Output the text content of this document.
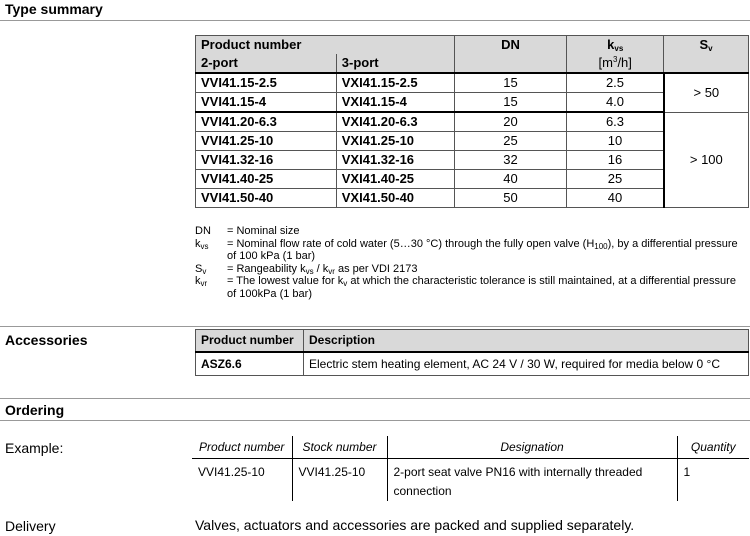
Type summary
Product number		DN	$k_{vs}$	$S_v$
2-port	3-port		$[m^3/h]$	
VVI41.15-2.5	VXI41.15-2.5	15	2.5	> 50
VVI41.15-4	VXI41.15-4	15	4.0	
VVI41.20-6.3	VXI41.20-6.3	20	6.3	> 100
VVI41.25-10	VXI41.25-10	25	10	
VVI41.32-16	VXI41.32-16	32	16	
VVI41.40-25	VXI41.40-25	40	25	
VVI41.50-40	VXI41.50-40	50	40	
DN	= Nominal size
$k_{vs}$	= Nominal flow rate of cold water (5…30 °C) through the fully open valve $(H_{100})$, by a differential pressure of 100 kPa (1 bar)
$S_v$	= Rangeability $k_{vs} / k_{vr}$ as per VDI 2173
$k_{vr}$	= The lowest value for $k_v$ at which the characteristic tolerance is still maintained, at a differential pressure of 100kPa (1 bar)
Accessories	Product number	Description
ASZ6.6	Electric stem heating element, AC 24 V / 30 W, required for media below 0 °C
Ordering
Example:	Product number	Stock number	Designation	Quantity
VVI41.25-10	VVI41.25-10	2-port seat valve PN16 with internally threaded connection	1
Delivery	Valves, actuators and accessories are packed and supplied separately.
